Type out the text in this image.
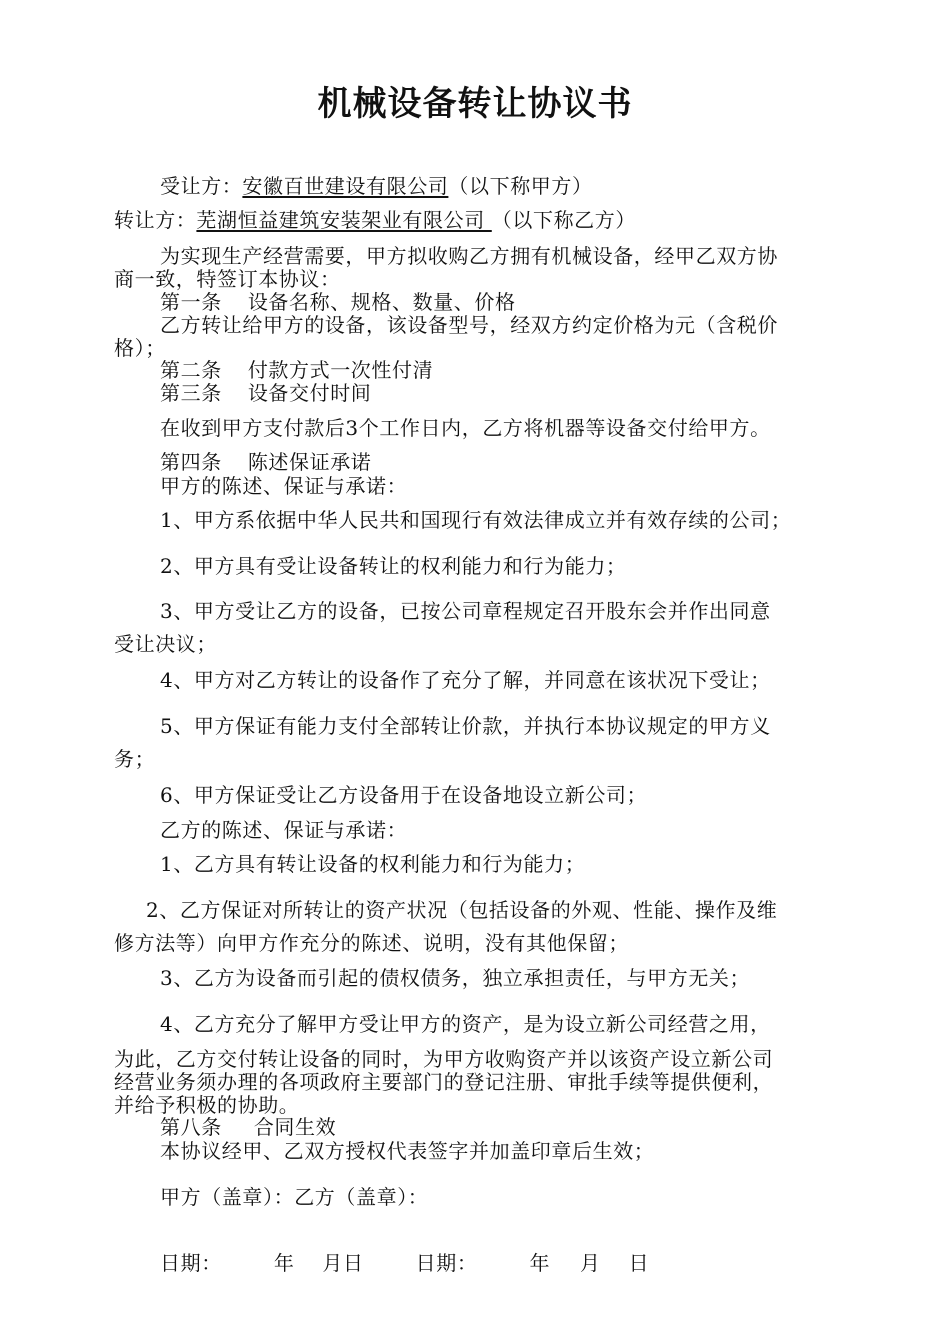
机械设备转让协议书
受让方：安徽百世建设有限公司（以下称甲方）
转让方：芜湖恒益建筑安装架业有限公司 （以下称乙方）
为实现生产经营需要，甲方拟收购乙方拥有机械设备，经甲乙双方协
商一致，特签订本协议：
第一条 设备名称、规格、数量、价格
乙方转让给甲方的设备，该设备型号，经双方约定价格为元（含税价
格）；
第二条 付款方式一次性付清
第三条 设备交付时间
在收到甲方支付款后3个工作日内，乙方将机器等设备交付给甲方。
第四条 陈述保证承诺
甲方的陈述、保证与承诺：
1、甲方系依据中华人民共和国现行有效法律成立并有效存续的公司；
2、甲方具有受让设备转让的权利能力和行为能力；
3、甲方受让乙方的设备，已按公司章程规定召开股东会并作出同意
受让决议；
4、甲方对乙方转让的设备作了充分了解，并同意在该状况下受让；
5、甲方保证有能力支付全部转让价款，并执行本协议规定的甲方义
务；
6、甲方保证受让乙方设备用于在设备地设立新公司；
乙方的陈述、保证与承诺：
1、乙方具有转让设备的权利能力和行为能力；
2、乙方保证对所转让的资产状况（包括设备的外观、性能、操作及维
修方法等）向甲方作充分的陈述、说明，没有其他保留；
3、乙方为设备而引起的债权债务，独立承担责任，与甲方无关；
4、乙方充分了解甲方受让甲方的资产，是为设立新公司经营之用，
为此，乙方交付转让设备的同时，为甲方收购资产并以该资产设立新公司
经营业务须办理的各项政府主要部门的登记注册、审批手续等提供便利，
并给予积极的协助。
第八条 合同生效
本协议经甲、乙双方授权代表签字并加盖印章后生效；
甲方（盖章）：乙方（盖章）：
日期：	年 月日	日期：	年 月 日
